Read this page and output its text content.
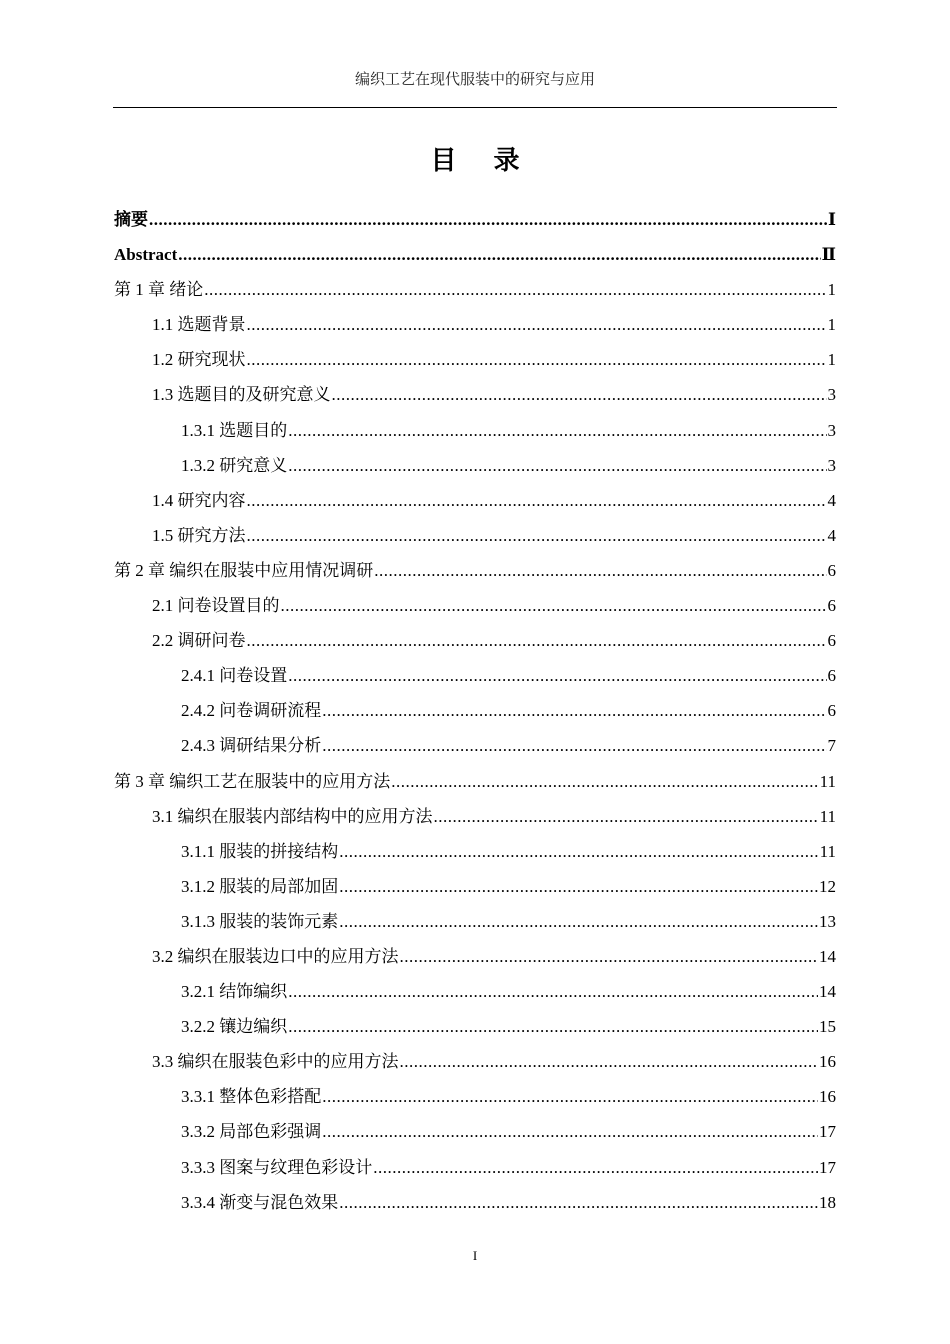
编织工艺在现代服装中的研究与应用
目 录
摘要 .....	Ⅰ
Abstract .....	Ⅱ
第 1 章 绪论 .....	1
1.1 选题背景 .....	1
1.2 研究现状 .....	1
1.3 选题目的及研究意义 .....	3
1.3.1 选题目的 .....	3
1.3.2 研究意义 .....	3
1.4 研究内容 .....	4
1.5 研究方法 .....	4
第 2 章 编织在服装中应用情况调研 .....	6
2.1 问卷设置目的 .....	6
2.2 调研问卷 .....	6
2.4.1 问卷设置 .....	6
2.4.2 问卷调研流程 .....	6
2.4.3 调研结果分析 .....	7
第 3 章 编织工艺在服装中的应用方法 .....	11
3.1 编织在服装内部结构中的应用方法 .....	11
3.1.1 服装的拼接结构 .....	11
3.1.2 服装的局部加固 .....	12
3.1.3 服装的装饰元素 .....	13
3.2 编织在服装边口中的应用方法 .....	14
3.2.1 结饰编织 .....	14
3.2.2 镶边编织 .....	15
3.3 编织在服装色彩中的应用方法 .....	16
3.3.1 整体色彩搭配 .....	16
3.3.2 局部色彩强调 .....	17
3.3.3 图案与纹理色彩设计 .....	17
3.3.4 渐变与混色效果 .....	18
I
